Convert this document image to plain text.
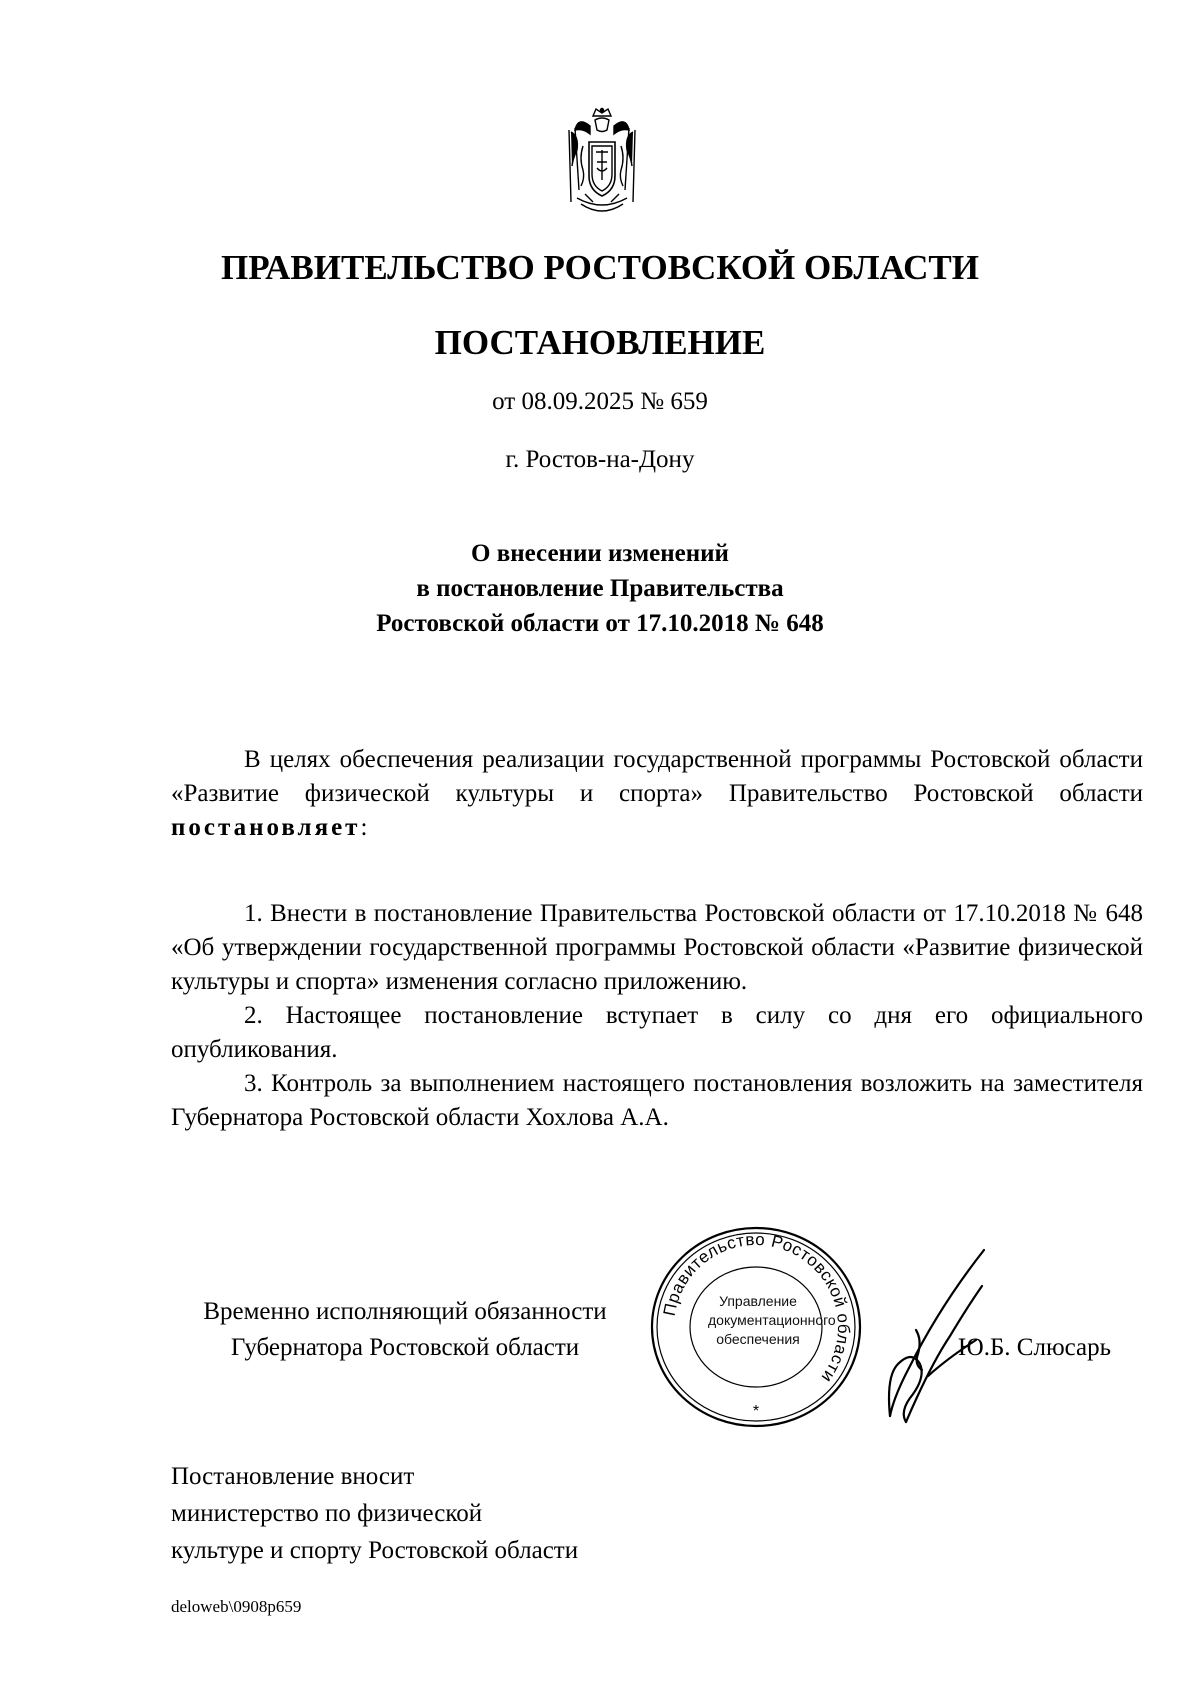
ПРАВИТЕЛЬСТВО РОСТОВСКОЙ ОБЛАСТИ
ПОСТАНОВЛЕНИЕ
от 08.09.2025 № 659
г. Ростов-на-Дону
О внесении изменений
в постановление Правительства
Ростовской области от 17.10.2018 № 648

В целях обеспечения реализации государственной программы Ростовской области «Развитие физической культуры и спорта» Правительство Ростовской области постановляет:

1. Внести в постановление Правительства Ростовской области от 17.10.2018 № 648 «Об утверждении государственной программы Ростовской области «Развитие физической культуры и спорта» изменения согласно приложению.

2. Настоящее постановление вступает в силу со дня его официального опубликования.

3. Контроль за выполнением настоящего постановления возложить на заместителя Губернатора Ростовской области Хохлова А.А.

Временно исполняющий обязанности
Губернатора Ростовской области
Правительство Ростовской области
*
Управление
документационного
обеспечения	Ю.Б. Слюсарь
Постановление вносит
министерство по физической
культуре и спорту Ростовской области
deloweb\0908p659
